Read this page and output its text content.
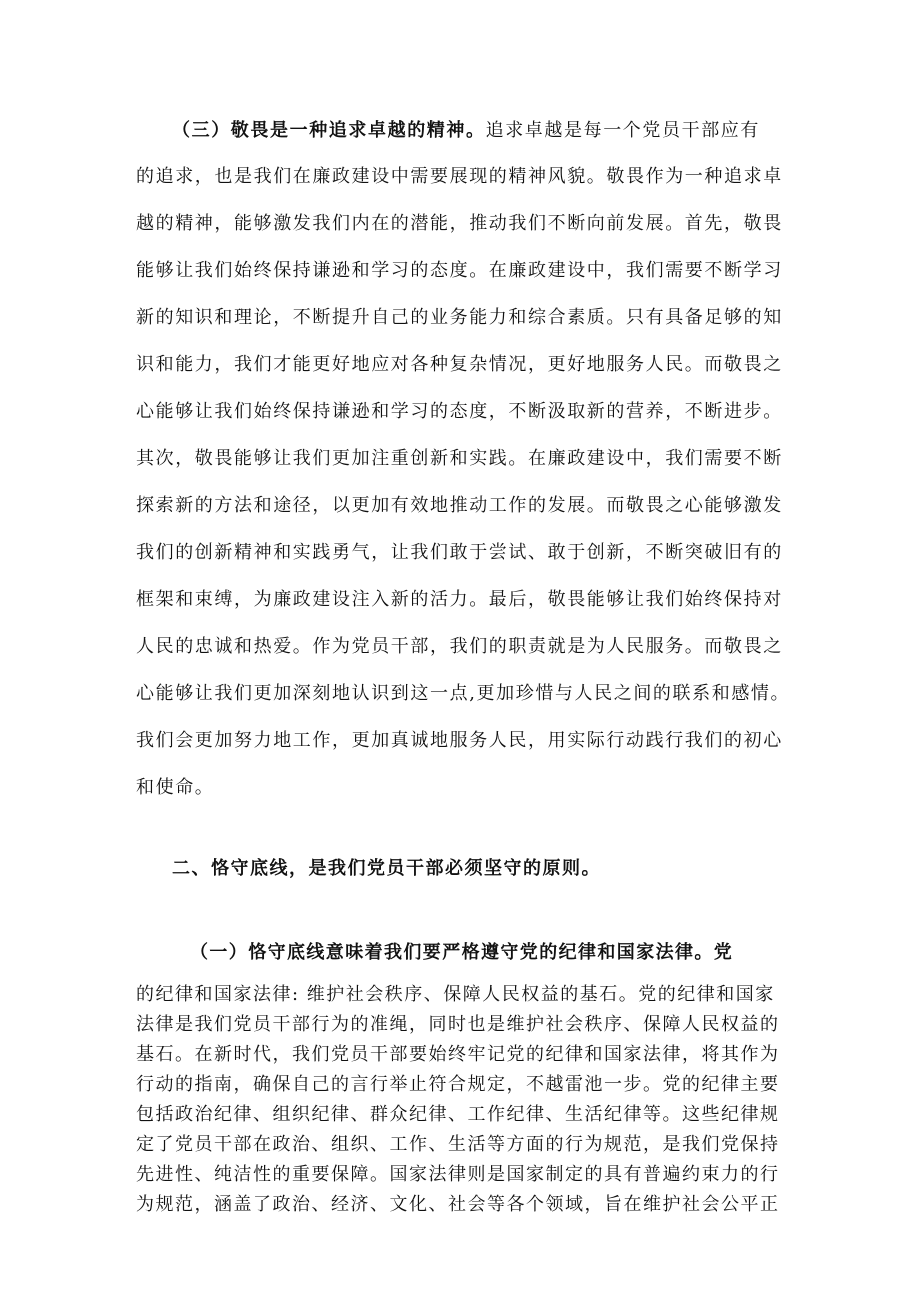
（三）敬畏是一种追求卓越的精神。追求卓越是每一个党员干部应有
的追求，也是我们在廉政建设中需要展现的精神风貌。敬畏作为一种追求卓
越的精神，能够激发我们内在的潜能，推动我们不断向前发展。首先，敬畏
能够让我们始终保持谦逊和学习的态度。在廉政建设中，我们需要不断学习
新的知识和理论，不断提升自己的业务能力和综合素质。只有具备足够的知
识和能力，我们才能更好地应对各种复杂情况，更好地服务人民。而敬畏之
心能够让我们始终保持谦逊和学习的态度，不断汲取新的营养，不断进步。
其次，敬畏能够让我们更加注重创新和实践。在廉政建设中，我们需要不断
探索新的方法和途径，以更加有效地推动工作的发展。而敬畏之心能够激发
我们的创新精神和实践勇气，让我们敢于尝试、敢于创新，不断突破旧有的
框架和束缚，为廉政建设注入新的活力。最后，敬畏能够让我们始终保持对
人民的忠诚和热爱。作为党员干部，我们的职责就是为人民服务。而敬畏之
心能够让我们更加深刻地认识到这一点,更加珍惜与人民之间的联系和感情。
我们会更加努力地工作，更加真诚地服务人民，用实际行动践行我们的初心
和使命。
二、恪守底线，是我们党员干部必须坚守的原则。
（一）恪守底线意味着我们要严格遵守党的纪律和国家法律。党
的纪律和国家法律: 维护社会秩序、保障人民权益的基石。党的纪律和国家
法律是我们党员干部行为的准绳，同时也是维护社会秩序、保障人民权益的
基石。在新时代，我们党员干部要始终牢记党的纪律和国家法律，将其作为
行动的指南，确保自己的言行举止符合规定，不越雷池一步。党的纪律主要
包括政治纪律、组织纪律、群众纪律、工作纪律、生活纪律等。这些纪律规
定了党员干部在政治、组织、工作、生活等方面的行为规范，是我们党保持
先进性、纯洁性的重要保障。国家法律则是国家制定的具有普遍约束力的行
为规范，涵盖了政治、经济、文化、社会等各个领域，旨在维护社会公平正
